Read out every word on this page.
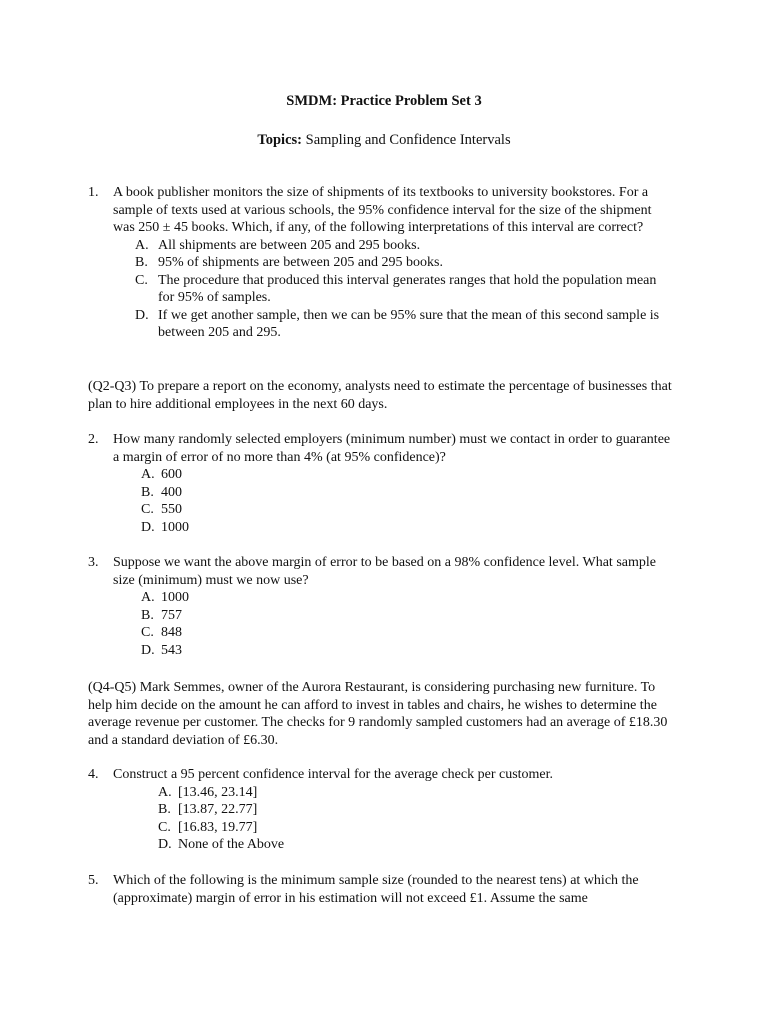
SMDM: Practice Problem Set 3
Topics: Sampling and Confidence Intervals
1. A book publisher monitors the size of shipments of its textbooks to university bookstores. For a sample of texts used at various schools, the 95% confidence interval for the size of the shipment was 250 ± 45 books. Which, if any, of the following interpretations of this interval are correct?
A. All shipments are between 205 and 295 books.
B. 95% of shipments are between 205 and 295 books.
C. The procedure that produced this interval generates ranges that hold the population mean for 95% of samples.
D. If we get another sample, then we can be 95% sure that the mean of this second sample is between 205 and 295.
(Q2-Q3) To prepare a report on the economy, analysts need to estimate the percentage of businesses that plan to hire additional employees in the next 60 days.
2. How many randomly selected employers (minimum number) must we contact in order to guarantee a margin of error of no more than 4% (at 95% confidence)?
A. 600
B. 400
C. 550
D. 1000
3. Suppose we want the above margin of error to be based on a 98% confidence level. What sample size (minimum) must we now use?
A. 1000
B. 757
C. 848
D. 543
(Q4-Q5) Mark Semmes, owner of the Aurora Restaurant, is considering purchasing new furniture. To help him decide on the amount he can afford to invest in tables and chairs, he wishes to determine the average revenue per customer. The checks for 9 randomly sampled customers had an average of £18.30 and a standard deviation of £6.30.
4. Construct a 95 percent confidence interval for the average check per customer.
A. [13.46, 23.14]
B. [13.87, 22.77]
C. [16.83, 19.77]
D. None of the Above
5. Which of the following is the minimum sample size (rounded to the nearest tens) at which the (approximate) margin of error in his estimation will not exceed £1. Assume the same
